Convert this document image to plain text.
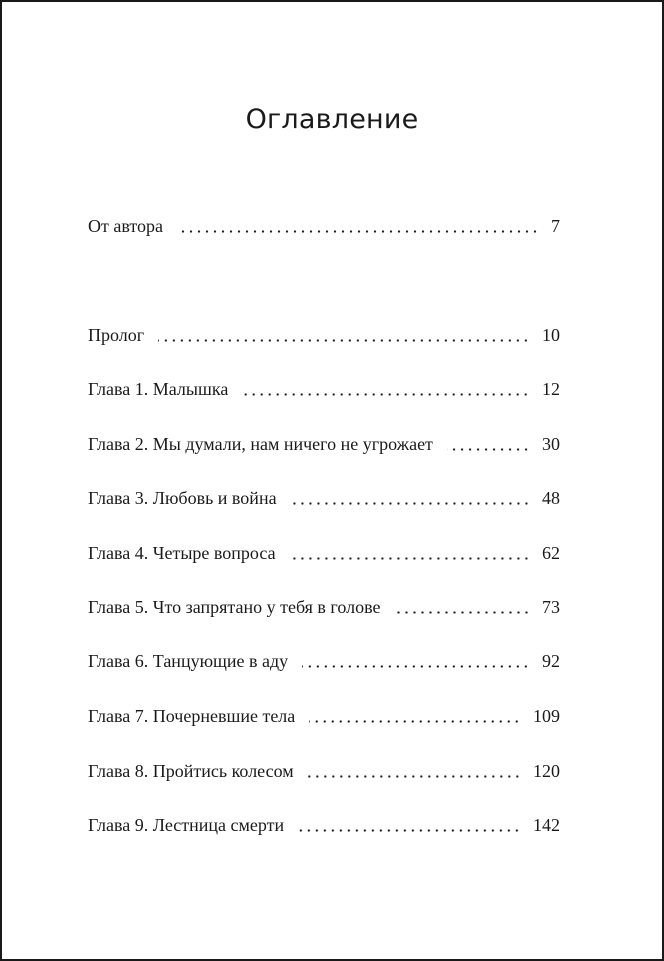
Оглавление
От автора	7
Пролог	10
Глава 1. Малышка	12
Глава 2. Мы думали, нам ничего не угрожает	30
Глава 3. Любовь и война	48
Глава 4. Четыре вопроса	62
Глава 5. Что запрятано у тебя в голове	73
Глава 6. Танцующие в аду	92
Глава 7. Почерневшие тела	109
Глава 8. Пройтись колесом	120
Глава 9. Лестница смерти	142
